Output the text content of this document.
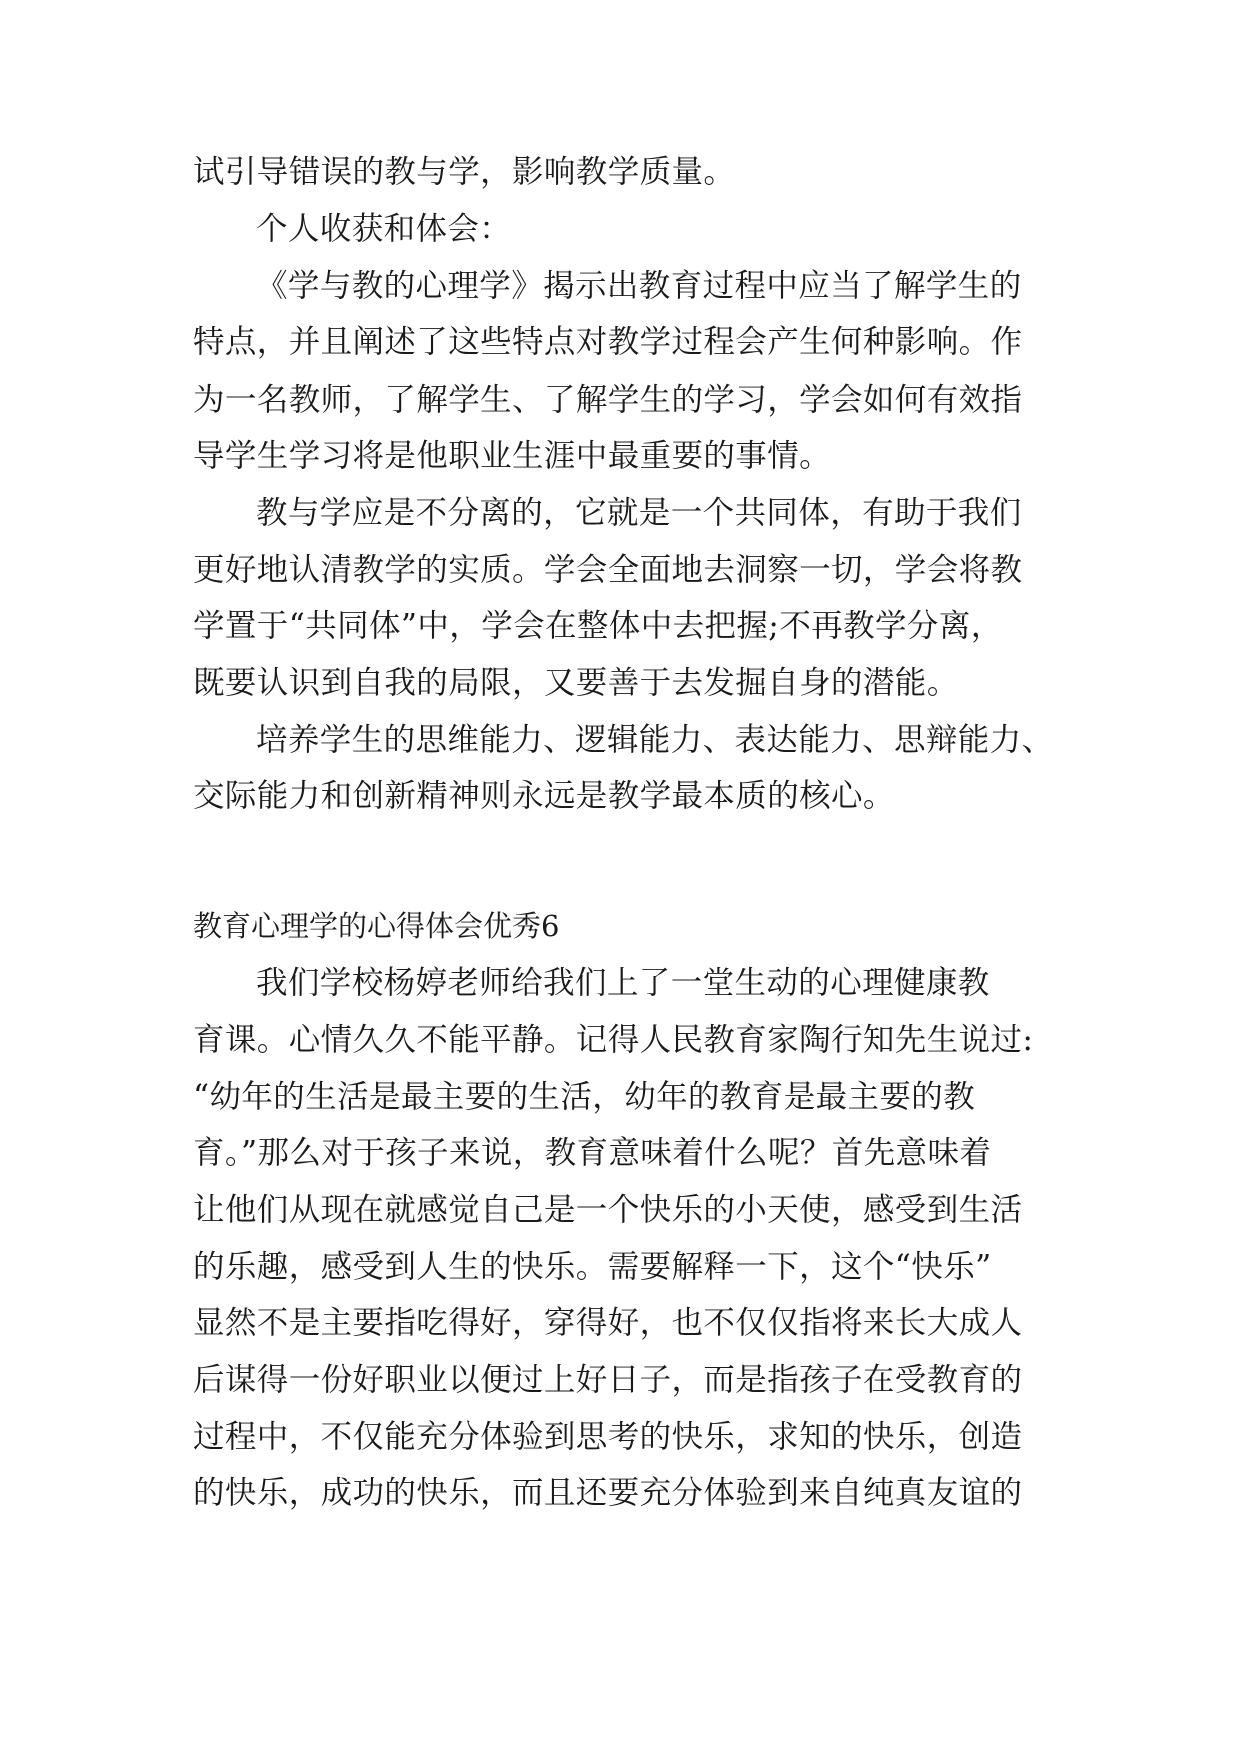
试引导错误的教与学，影响教学质量。
个人收获和体会：
《学与教的心理学》揭示出教育过程中应当了解学生的
特点，并且阐述了这些特点对教学过程会产生何种影响。作
为一名教师，了解学生、了解学生的学习，学会如何有效指
导学生学习将是他职业生涯中最重要的事情。
教与学应是不分离的，它就是一个共同体，有助于我们
更好地认清教学的实质。学会全面地去洞察一切，学会将教
学置于“共同体”中，学会在整体中去把握;不再教学分离，
既要认识到自我的局限，又要善于去发掘自身的潜能。
培养学生的思维能力、逻辑能力、表达能力、思辩能力、
交际能力和创新精神则永远是教学最本质的核心。
教育心理学的心得体会优秀6
我们学校杨婷老师给我们上了一堂生动的心理健康教
育课。心情久久不能平静。记得人民教育家陶行知先生说过:
“幼年的生活是最主要的生活，幼年的教育是最主要的教
育。”那么对于孩子来说，教育意味着什么呢？首先意味着
让他们从现在就感觉自己是一个快乐的小天使，感受到生活
的乐趣，感受到人生的快乐。需要解释一下，这个“快乐”
显然不是主要指吃得好，穿得好，也不仅仅指将来长大成人
后谋得一份好职业以便过上好日子，而是指孩子在受教育的
过程中，不仅能充分体验到思考的快乐，求知的快乐，创造
的快乐，成功的快乐，而且还要充分体验到来自纯真友谊的
